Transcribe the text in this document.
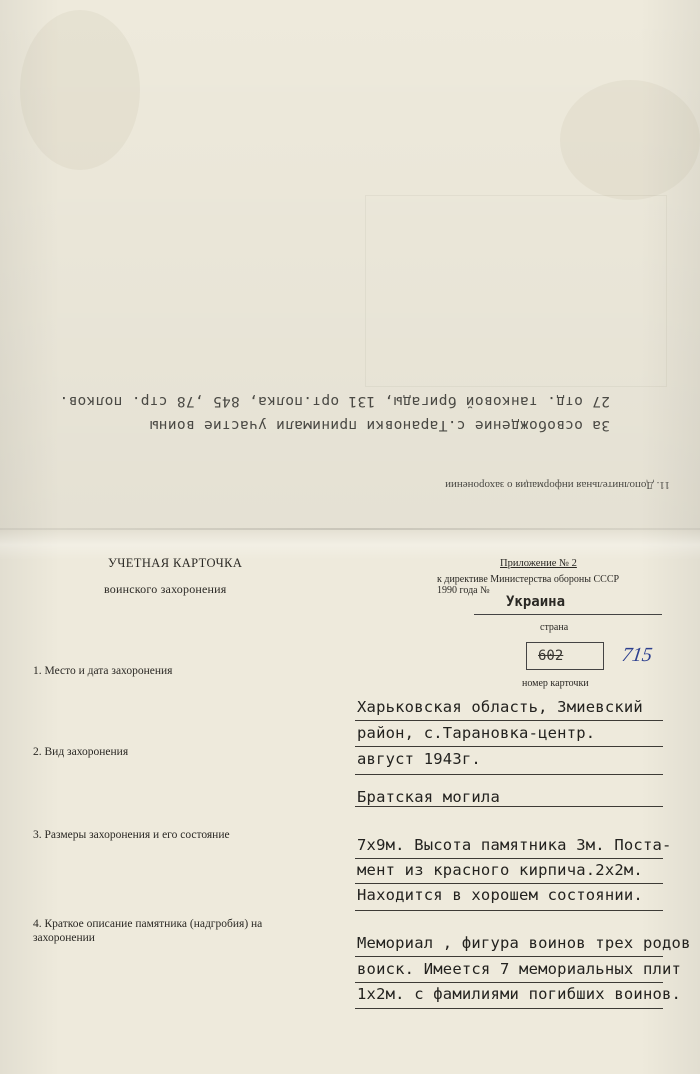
11. Дополнительная информация о захоронении
За освобождение с.Тарановки принимали участие воины
27 отд. танковой бригады, 131 орт.полка, 845 ,78 стр. полков.
УЧЕТНАЯ КАРТОЧКА
воинского захоронения
Приложение № 2
к директиве Министерства обороны СССР
1990 года №
Украина
страна
602	715
номер карточки
1. Место и дата захоронения
Харьковская область, Змиевский
район, с.Тарановка-центр.
август 1943г.
2. Вид захоронения
Братская могила
3. Размеры захоронения и его состояние
7х9м. Высота памятника 3м. Постa-
мент из красного кирпича.2х2м.
Находится в хорошем состоянии.
4. Краткое описание памятника (надгробия) на
захоронении	Мемориал , фигура воинов трех родов
воиск. Имеется 7 мемориальных плит
1х2м. с фамилиями погибших воинов.
